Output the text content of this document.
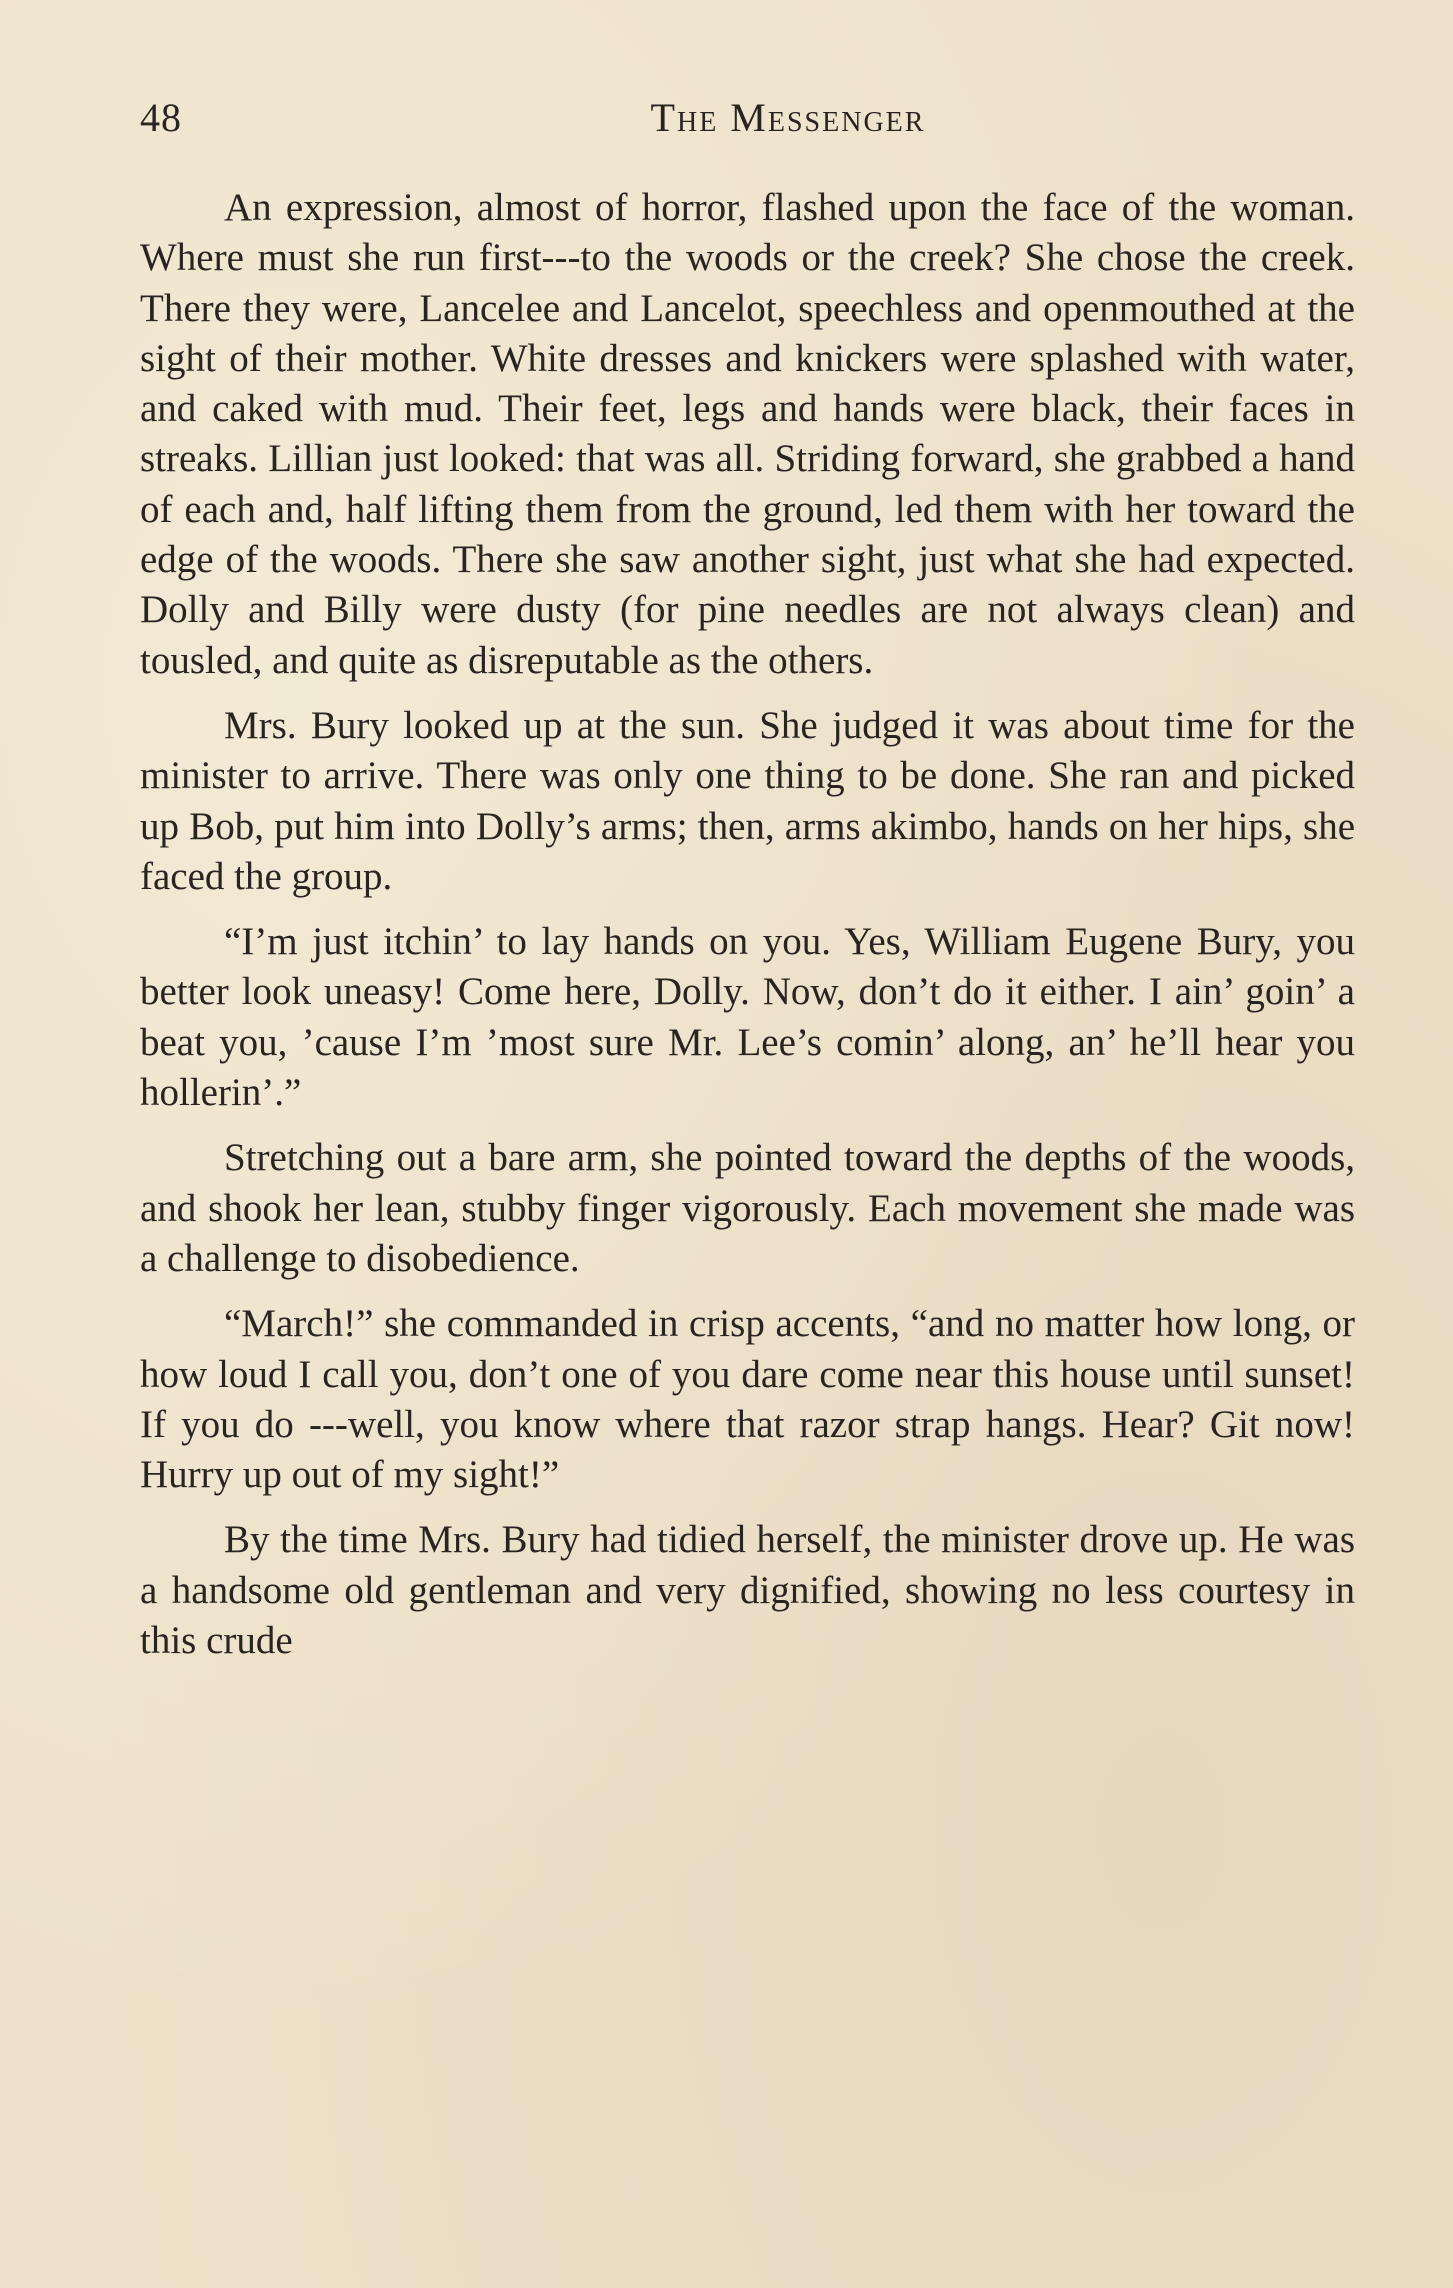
48	The Messenger

An expression, almost of horror, flashed upon the face of the woman. Where must she run first---to the woods or the creek? She chose the creek. There they were, Lancelee and Lancelot, speechless and openmouthed at the sight of their mother. White dresses and knickers were splashed with water, and caked with mud. Their feet, legs and hands were black, their faces in streaks. Lillian just looked: that was all. Striding forward, she grabbed a hand of each and, half lifting them from the ground, led them with her toward the edge of the woods. There she saw another sight, just what she had expected. Dolly and Billy were dusty (for pine needles are not always clean) and tousled, and quite as disreputable as the others.

Mrs. Bury looked up at the sun. She judged it was about time for the minister to arrive. There was only one thing to be done. She ran and picked up Bob, put him into Dolly’s arms; then, arms akimbo, hands on her hips, she faced the group.

“I’m just itchin’ to lay hands on you. Yes, William Eugene Bury, you better look uneasy! Come here, Dolly. Now, don’t do it either. I ain’ goin’ a beat you, ’cause I’m ’most sure Mr. Lee’s comin’ along, an’ he’ll hear you hollerin’.”

Stretching out a bare arm, she pointed toward the depths of the woods, and shook her lean, stubby finger vigorously. Each movement she made was a challenge to disobedience.

“March!” she commanded in crisp accents, “and no matter how long, or how loud I call you, don’t one of you dare come near this house until sunset! If you do ---well, you know where that razor strap hangs. Hear? Git now! Hurry up out of my sight!”

By the time Mrs. Bury had tidied herself, the minister drove up. He was a handsome old gentleman and very dignified, showing no less courtesy in this crude
